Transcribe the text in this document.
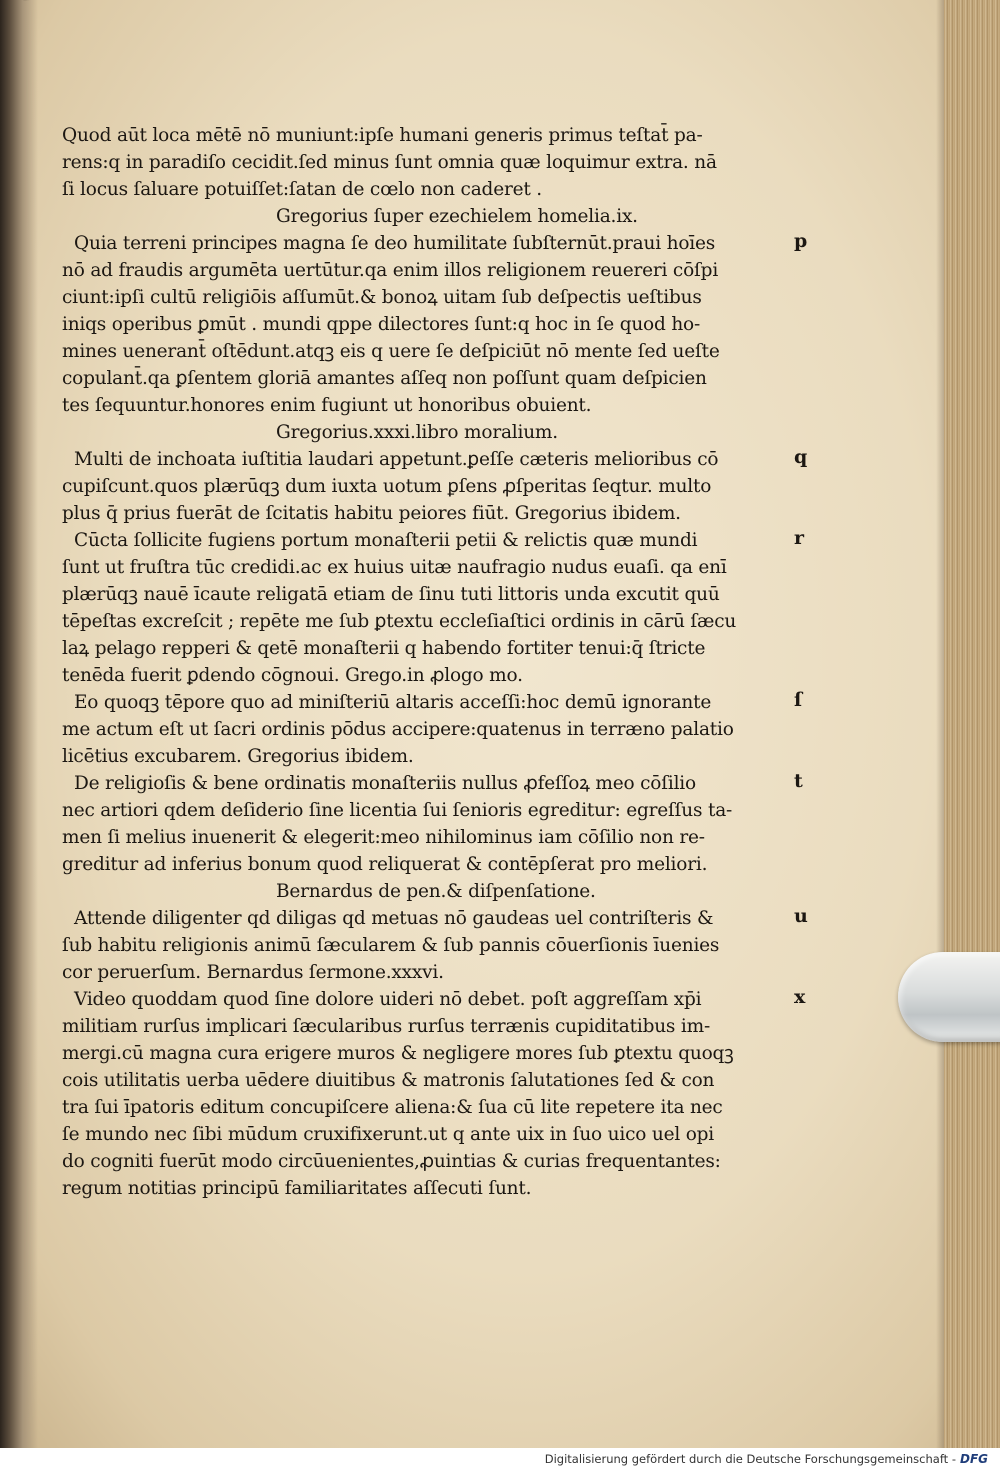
Quod aūt loca mētē nō muniunt:ipſe humani generis primus teſtat̄ pa-
rens:q in paradiſo cecidit.ſed minus ſunt omnia quæ loquimur extra. nā
ſi locus ſaluare potuiſſet:ſatan de cœlo non caderet .
Gregorius ſuper ezechielem homelia.ix.
Quia terreni principes magna ſe deo humilitate ſubſternūt.praui hoīes
nō ad fraudis argumēta uertūtur.qa enim illos religionem reuereri cōſpi
ciunt:ipſi cultū religiōis aſſumūt.& bonoꝝ uitam ſub deſpectis ueſtibus
iniqs operibus ꝑmūt . mundi qppe dilectores ſunt:q hoc in ſe quod ho-
mines uenerant̄ oſtēdunt.atqꝫ eis q uere ſe deſpiciūt nō mente ſed ueſte
copulant̄.qa ꝑſentem gloriā amantes aſſeq non poſſunt quam deſpicien
tes ſequuntur.honores enim fugiunt ut honoribus obuient.
Gregorius.xxxi.libro moralium.
Multi de inchoata iuſtitia laudari appetunt.ꝑeſſe cæteris melioribus cō
cupiſcunt.quos plærūqꝫ dum iuxta uotum ꝑſens ꝓſperitas ſeqtur. multo
plus q̄ prius fuerāt de ſcitatis habitu peiores fiūt. Gregorius ibidem.
Cūcta ſollicite fugiens portum monaſterii petii & relictis quæ mundi
ſunt ut fruſtra tūc credidi.ac ex huius uitæ naufragio nudus euaſi. qa enī
plærūqꝫ nauē īcaute religatā etiam de ſinu tuti littoris unda excutit quū
tēpeſtas excreſcit ; repēte me ſub ꝑtextu eccleſiaſtici ordinis in cārū ſæcu
laꝝ pelago repperi & qetē monaſterii q habendo fortiter tenui:q̄ ſtricte
tenēda fuerit ꝑdendo cōgnoui. Grego.in ꝓlogo mo.
Eo quoqꝫ tēpore quo ad miniſteriū altaris acceſſi:hoc demū ignorante
me actum eſt ut ſacri ordinis pōdus accipere:quatenus in terræno palatio
licētius excubarem. Gregorius ibidem.
De religioſis & bene ordinatis monaſteriis nullus ꝓfeſſoꝝ meo cōſilio
nec artiori qdem deſiderio ſine licentia ſui ſenioris egreditur: egreſſus ta-
men ſi melius inuenerit & elegerit:meo nihilominus iam cōſilio non re-
greditur ad inferius bonum quod reliquerat & contēpſerat pro meliori.
Bernardus de pen.& diſpenſatione.
Attende diligenter qd diligas qd metuas nō gaudeas uel contriſteris &
ſub habitu religionis animū ſæcularem & ſub pannis cōuerſionis īuenies
cor peruerſum. Bernardus ſermone.xxxvi.
Video quoddam quod ſine dolore uideri nō debet. poſt aggreſſam xp̄i
militiam rurſus implicari ſæcularibus rurſus terrænis cupiditatibus im-
mergi.cū magna cura erigere muros & negligere mores ſub ꝑtextu quoqꝫ
cois utilitatis uerba uēdere diuitibus & matronis ſalutationes ſed & con
tra ſui īpatoris editum concupiſcere aliena:& ſua cū lite repetere ita nec
ſe mundo nec ſibi mūdum cruxifixerunt.ut q ante uix in ſuo uico uel opi
do cogniti fuerūt modo circūuenientes,ꝓuintias & curias frequentantes:
regum notitias principū familiaritates aſſecuti ſunt.
p
q
r
ſ
t
u
x
Digitalisierung gefördert durch die Deutsche Forschungsgemeinschaft - DFG
